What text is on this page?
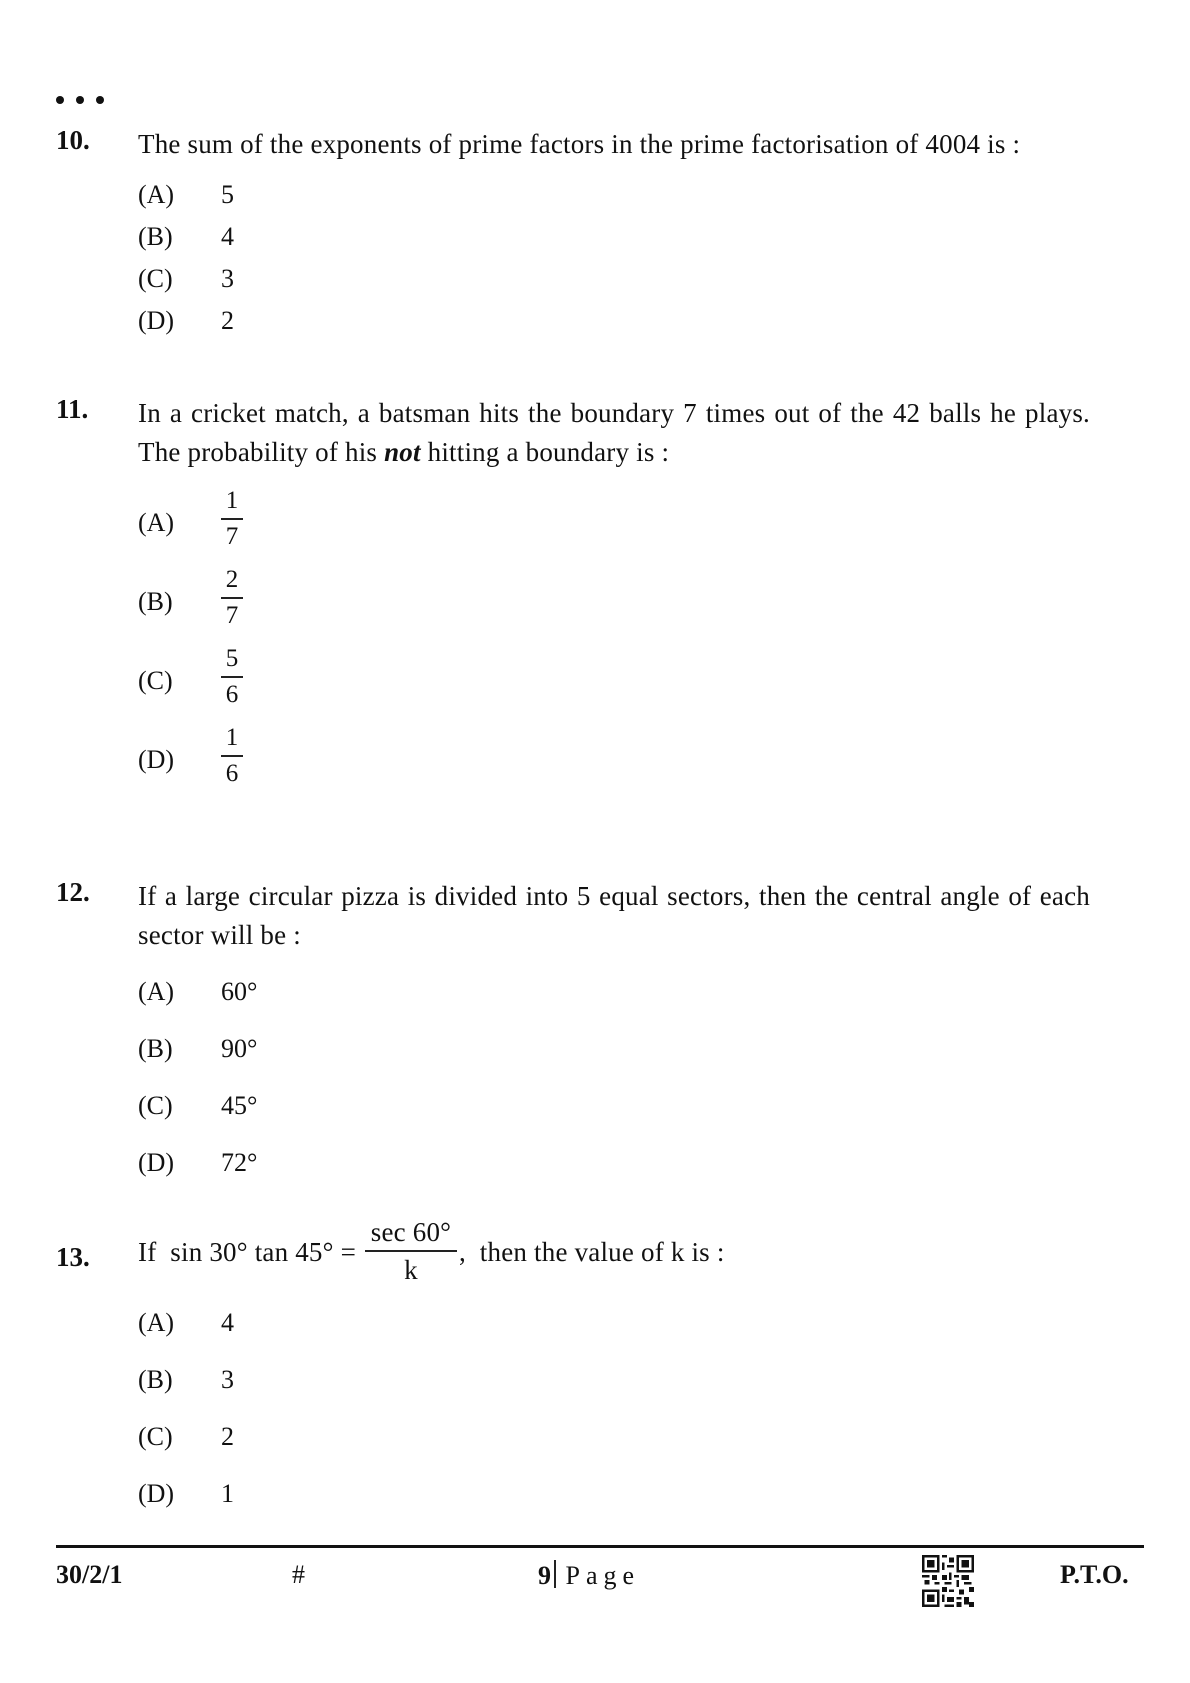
10. The sum of the exponents of prime factors in the prime factorisation of 4004 is :
(A) 5
(B) 4
(C) 3
(D) 2
11. In a cricket match, a batsman hits the boundary 7 times out of the 42 balls he plays. The probability of his not hitting a boundary is :
(A)
1
7
(B)
2
7
(C)
5
6
(D)
1
6
12. If a large circular pizza is divided into 5 equal sectors, then the central angle of each sector will be :
(A) 60°
(B) 90°
(C) 45°
(D) 72°
13. If  sin 30° $\tan 45^\circ = \frac{\sec 60^\circ}{k}$ ,  then the value of k is :
(A) 4
(B) 3
(C) 2
(D) 1
30/2/1	#	9 Page	P.T.O.
